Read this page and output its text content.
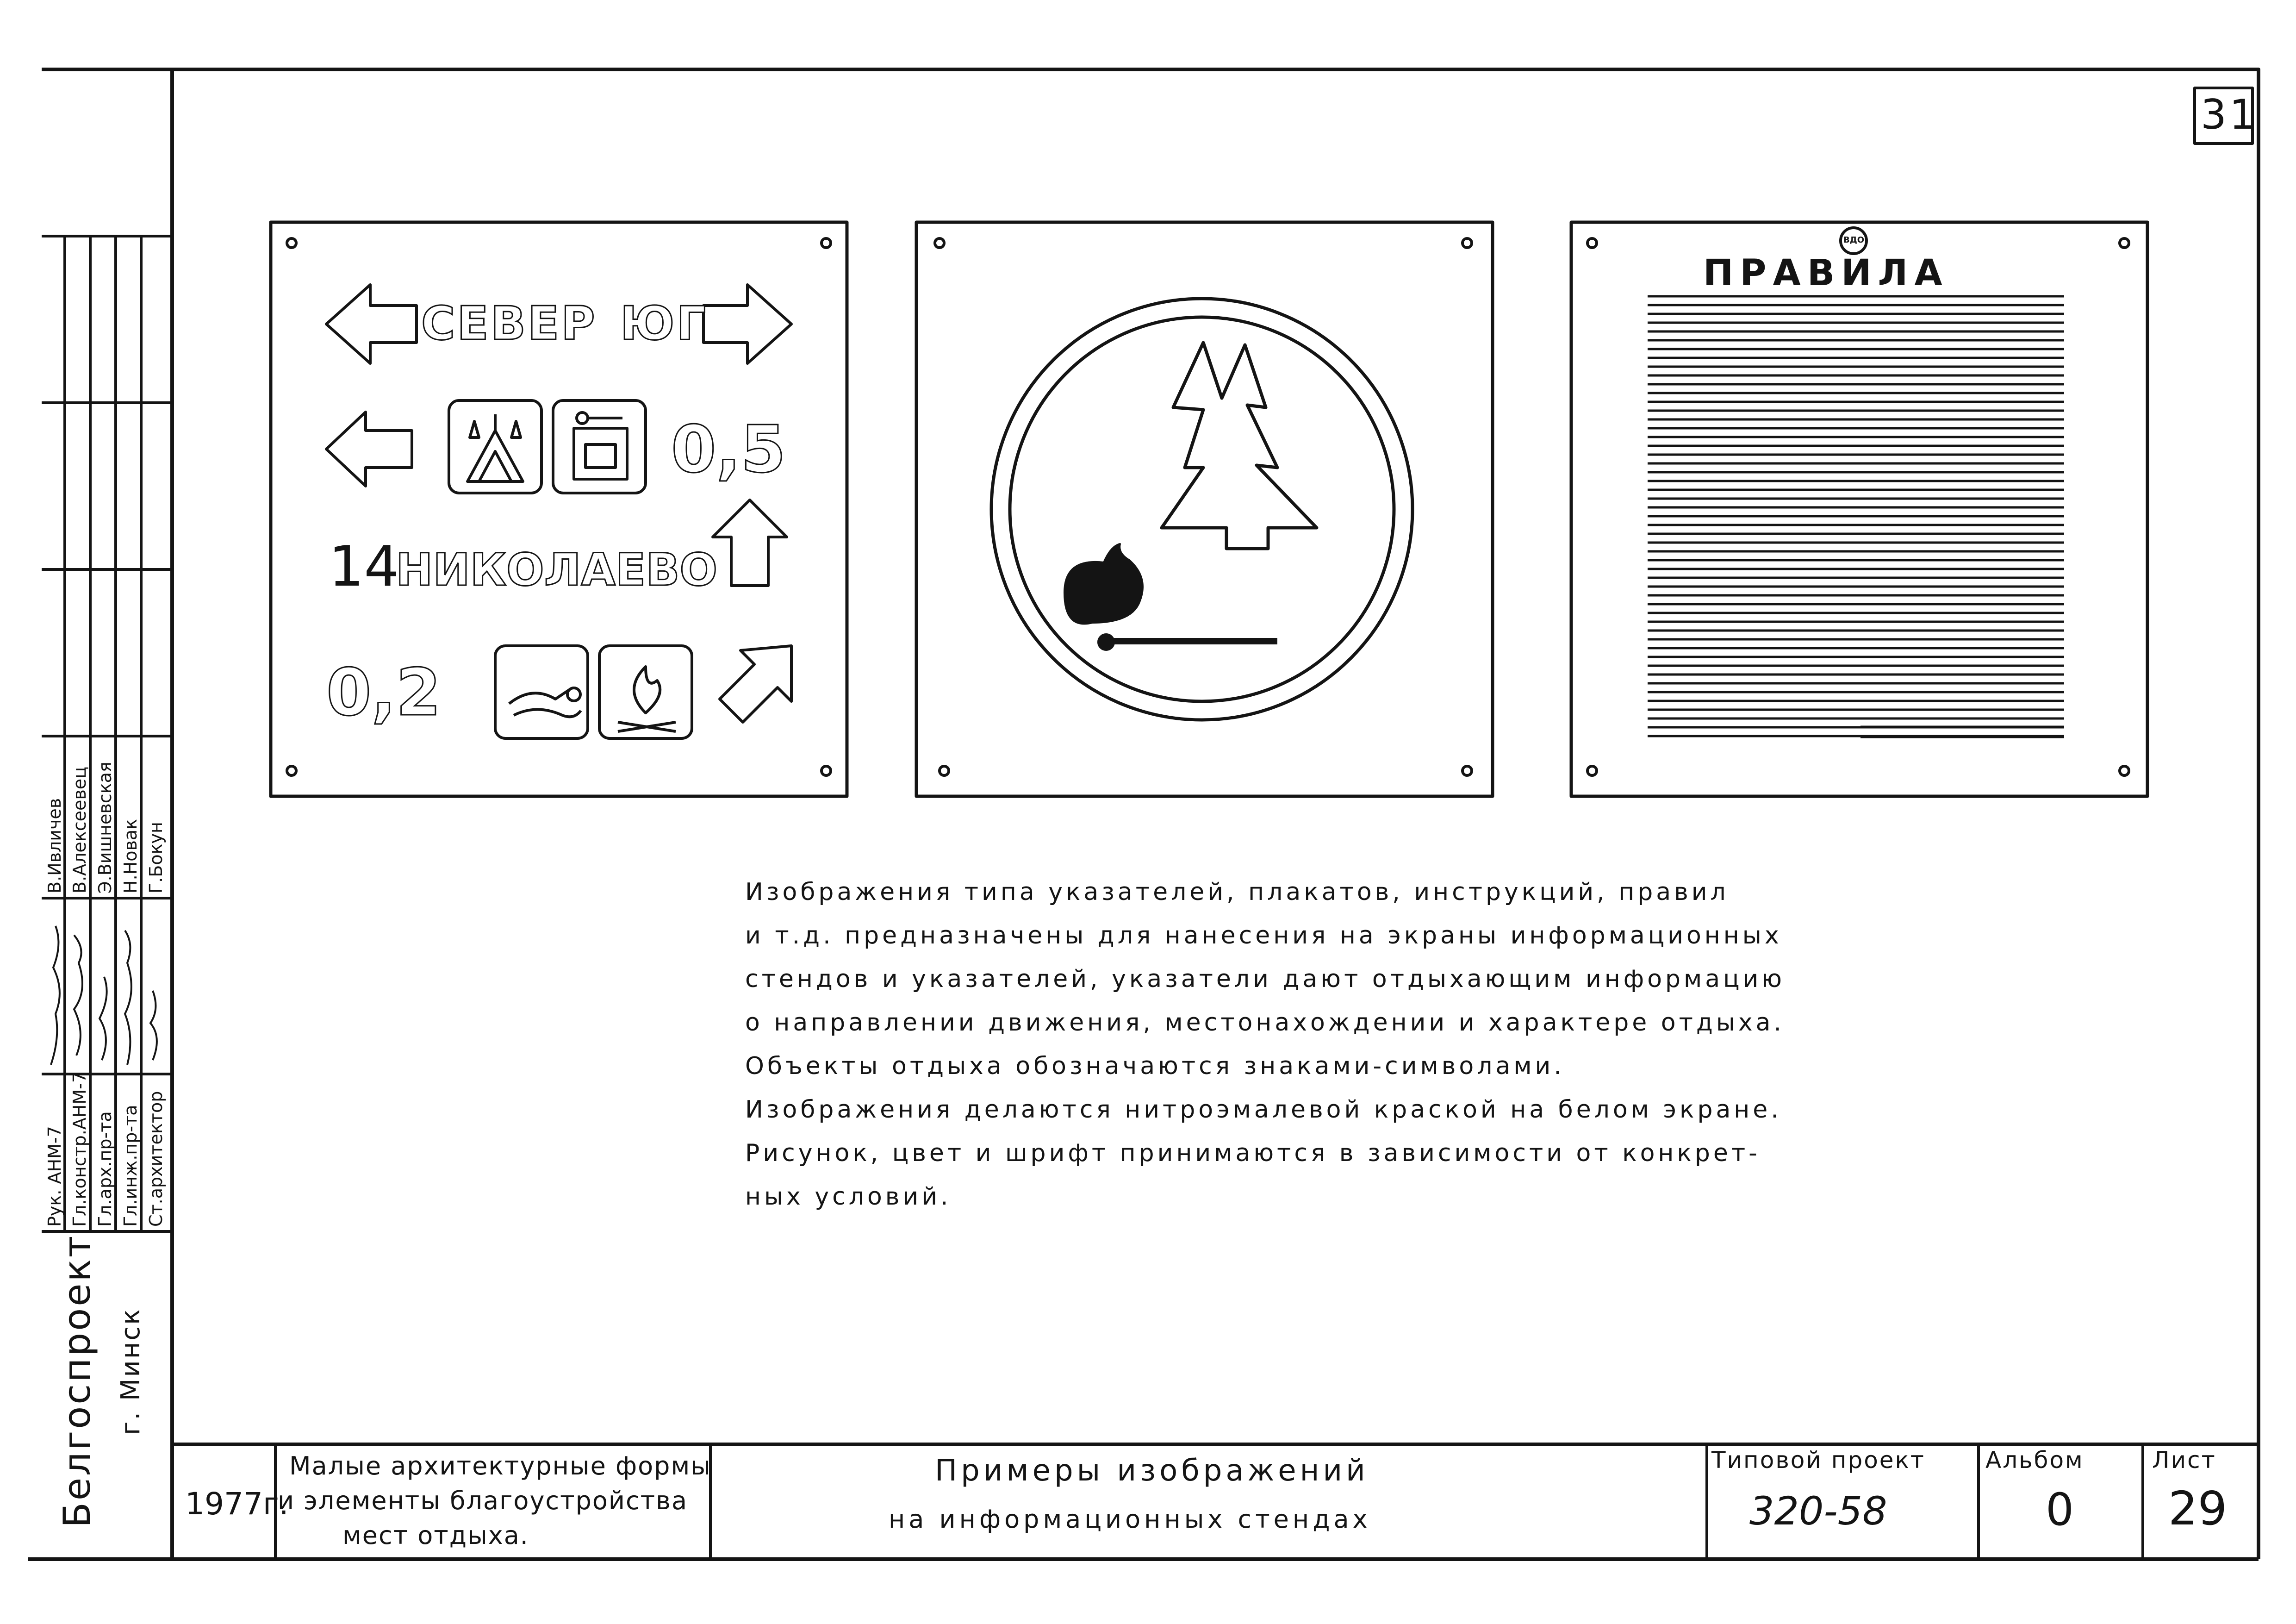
31
СЕВЕР ЮГ
0,5
14
НИКОЛАЕВО
0,2
ВДО
ПРАВИЛА
Изображения типа указателей, плакатов, инструкций, правил
и т.д. предназначены для нанесения на экраны информационных
стендов и указателей, указатели дают отдыхающим информацию
о направлении движения, местонахождении и характере отдыха.
Объекты отдыха обозначаются знаками-символами.
Изображения делаются нитроэмалевой краской на белом экране.
Рисунок, цвет и шрифт принимаются в зависимости от конкрет-
ных условий.
Рук. АНМ-7 Гл.констр.АНМ-7 Гл.арх.пр-та Гл.инж.пр-та Ст.архитектор
В.Ивличев В.Алексеевец Э.Вишневская Н.Новак Г.Бокун
Белгоспроект г. Минск
1977г.
Малые архитектурные формы
и элементы благоустройства
мест отдыха.
Примеры изображений
на информационных стендах
Типовой проект
320-58
Альбом
0
Лист
29
